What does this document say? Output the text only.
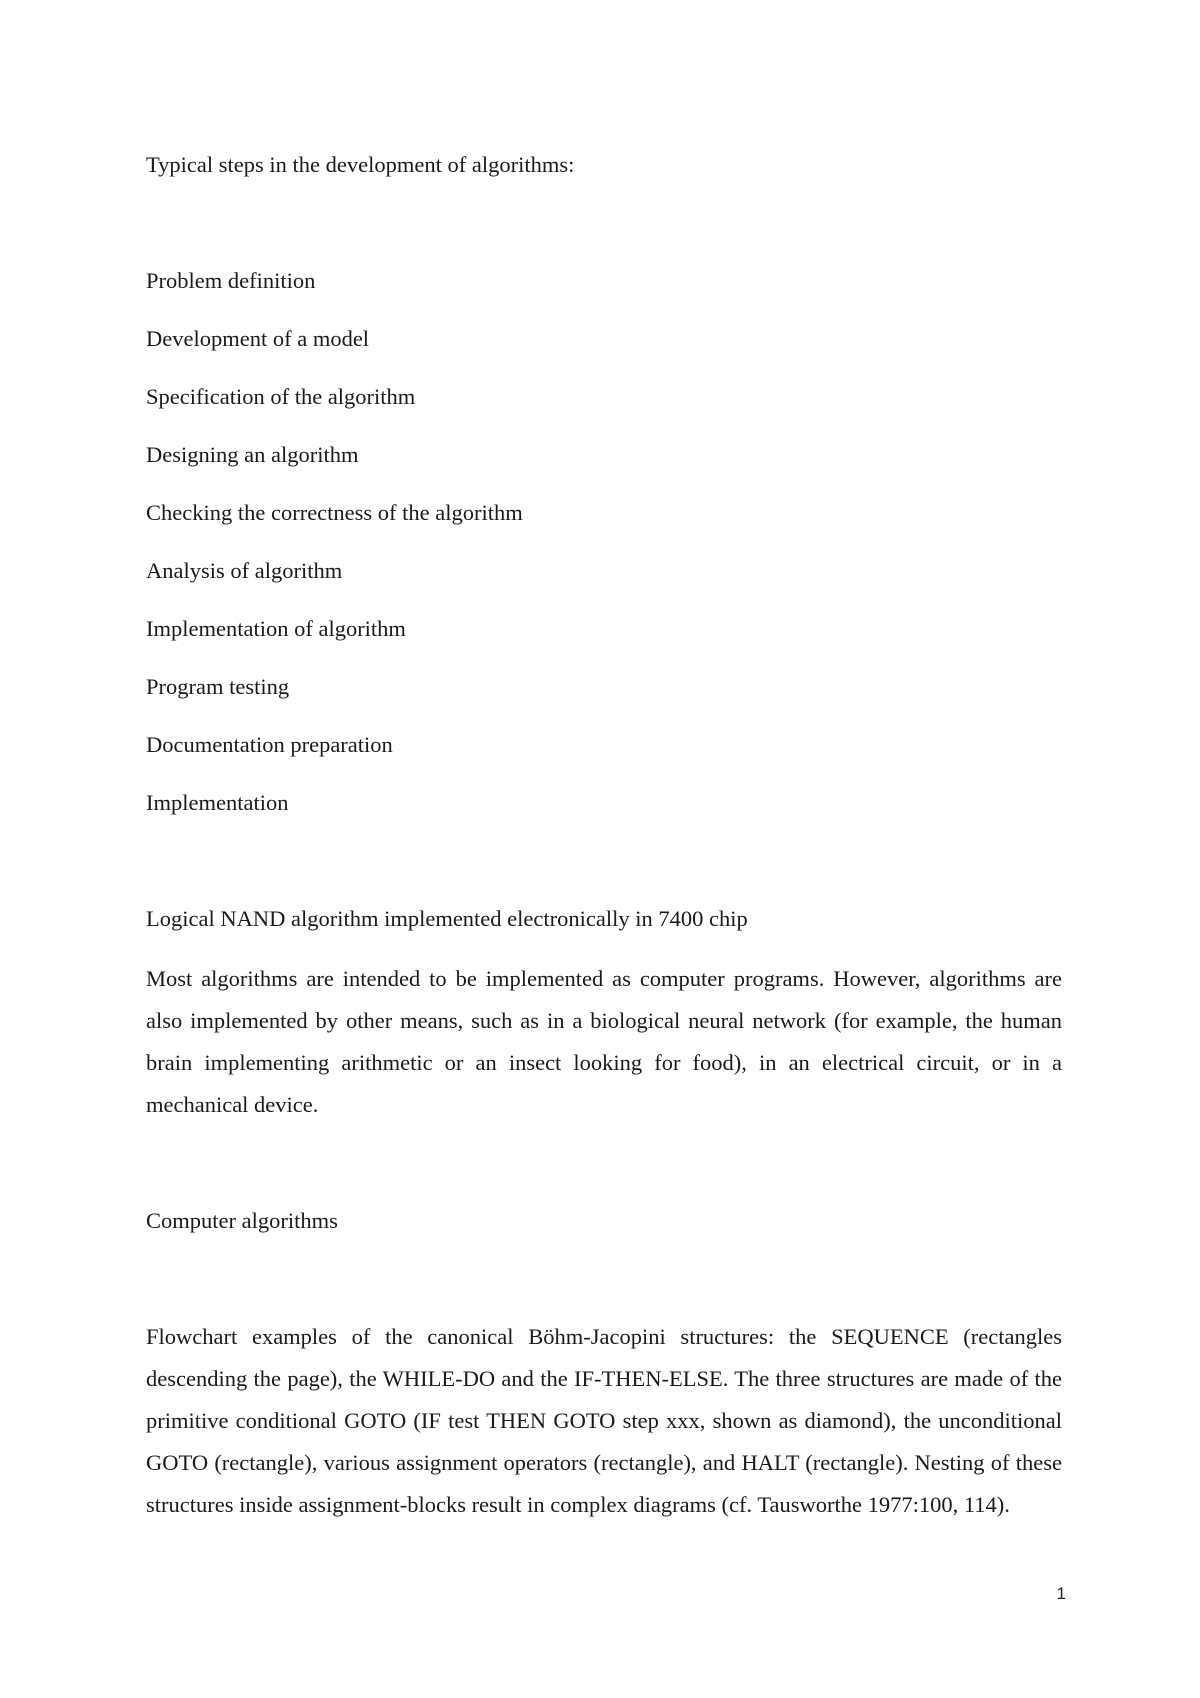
Typical steps in the development of algorithms:

Problem definition
Development of a model
Specification of the algorithm
Designing an algorithm
Checking the correctness of the algorithm
Analysis of algorithm
Implementation of algorithm
Program testing
Documentation preparation
Implementation

Logical NAND algorithm implemented electronically in 7400 chip

Most algorithms are intended to be implemented as computer programs. However, algorithms are also implemented by other means, such as in a biological neural network (for example, the human brain implementing arithmetic or an insect looking for food), in an electrical circuit, or in a mechanical device.

Computer algorithms

Flowchart examples of the canonical Böhm-Jacopini structures: the SEQUENCE (rectangles descending the page), the WHILE-DO and the IF-THEN-ELSE. The three structures are made of the primitive conditional GOTO (IF test THEN GOTO step xxx, shown as diamond), the unconditional GOTO (rectangle), various assignment operators (rectangle), and HALT (rectangle). Nesting of these structures inside assignment-blocks result in complex diagrams (cf. Tausworthe 1977:100, 114).

1
